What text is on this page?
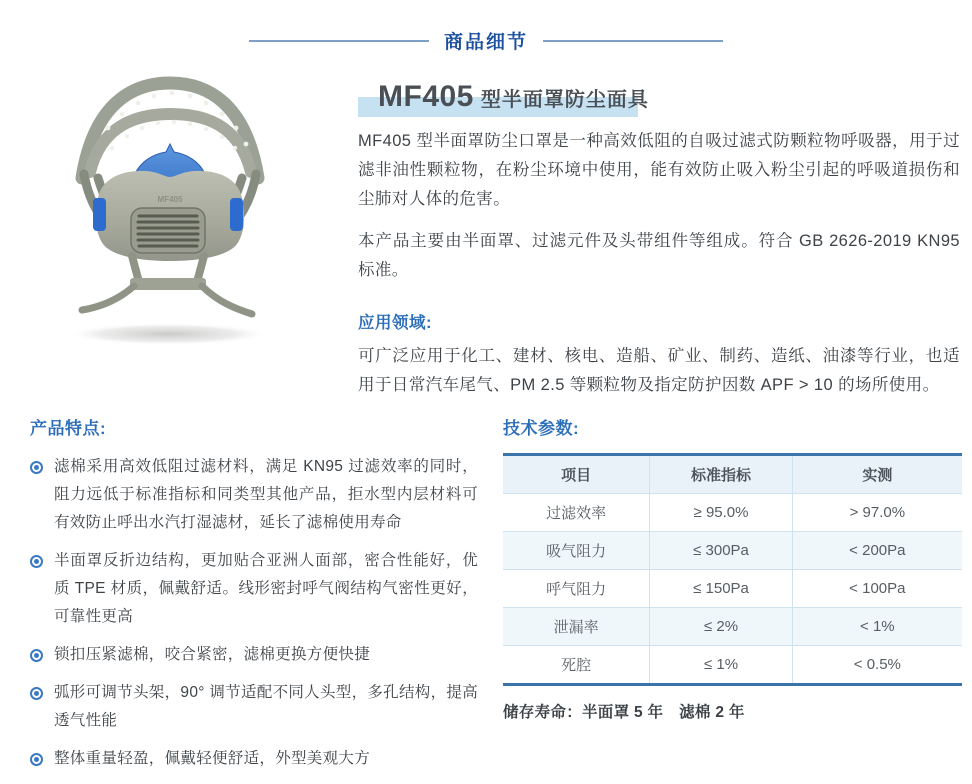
商品细节
MF405
MF405 型半面罩防尘面具

MF405 型半面罩防尘口罩是一种高效低阻的自吸过滤式防颗粒物呼吸器，用于过滤非油性颗粒物，在粉尘环境中使用，能有效防止吸入粉尘引起的呼吸道损伤和尘肺对人体的危害。

本产品主要由半面罩、过滤元件及头带组件等组成。符合 GB 2626-2019 KN95 标准。

应用领域:

可广泛应用于化工、建材、核电、造船、矿业、制药、造纸、油漆等行业，也适用于日常汽车尾气、PM 2.5 等颗粒物及指定防护因数 APF > 10 的场所使用。

产品特点:

滤棉采用高效低阻过滤材料，满足 KN95 过滤效率的同时，阻力远低于标准指标和同类型其他产品，拒水型内层材料可有效防止呼出水汽打湿滤材，延长了滤棉使用寿命
半面罩反折边结构，更加贴合亚洲人面部，密合性能好，优质 TPE 材质，佩戴舒适。线形密封呼气阀结构气密性更好，可靠性更高
锁扣压紧滤棉，咬合紧密，滤棉更换方便快捷
弧形可调节头架，90° 调节适配不同人头型，多孔结构，提高透气性能
整体重量轻盈，佩戴轻便舒适，外型美观大方

技术参数:

项目	标准指标	实测
过滤效率	≥ 95.0%	> 97.0%
吸气阻力	≤ 300Pa	< 200Pa
呼气阻力	≤ 150Pa	< 100Pa
泄漏率	≤ 2%	< 1%
死腔	≤ 1%	< 0.5%

储存寿命：半面罩 5 年　滤棉 2 年
